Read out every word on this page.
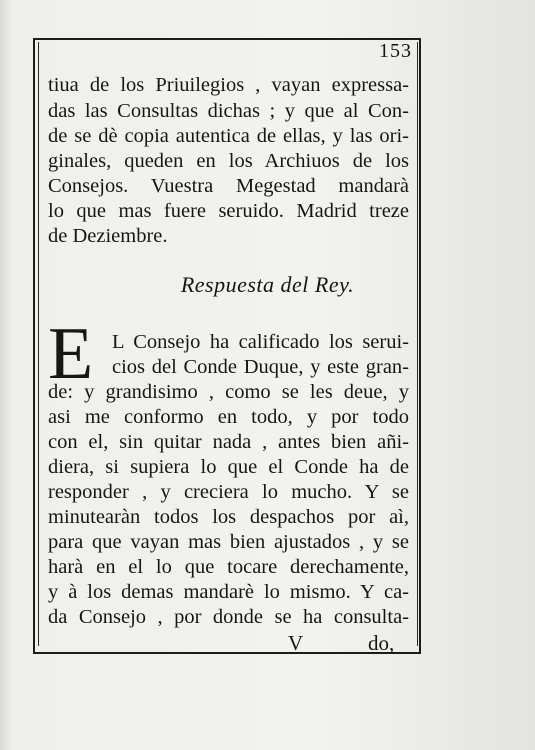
153
tiua de los Priuilegios , vayan expressa-
das las Consultas dichas ; y que al Con-
de se dè copia autentica de ellas, y las ori-
ginales, queden en los Archiuos de los
Consejos. Vuestra Megestad mandarà
lo que mas fuere seruido. Madrid treze
de Deziembre.
Respuesta del Rey.
E L Consejo ha calificado los serui-
cios del Conde Duque, y este gran-
de: y grandisimo , como se les deue, y
asi me conformo en todo, y por todo
con el, sin quitar nada , antes bien añi-
diera, si supiera lo que el Conde ha de
responder , y creciera lo mucho. Y se
minutearàn todos los despachos por aì,
para que vayan mas bien ajustados , y se
harà en el lo que tocare derechamente,
y à los demas mandarè lo mismo. Y ca-
da Consejo , por donde se ha consulta-
V	do,
